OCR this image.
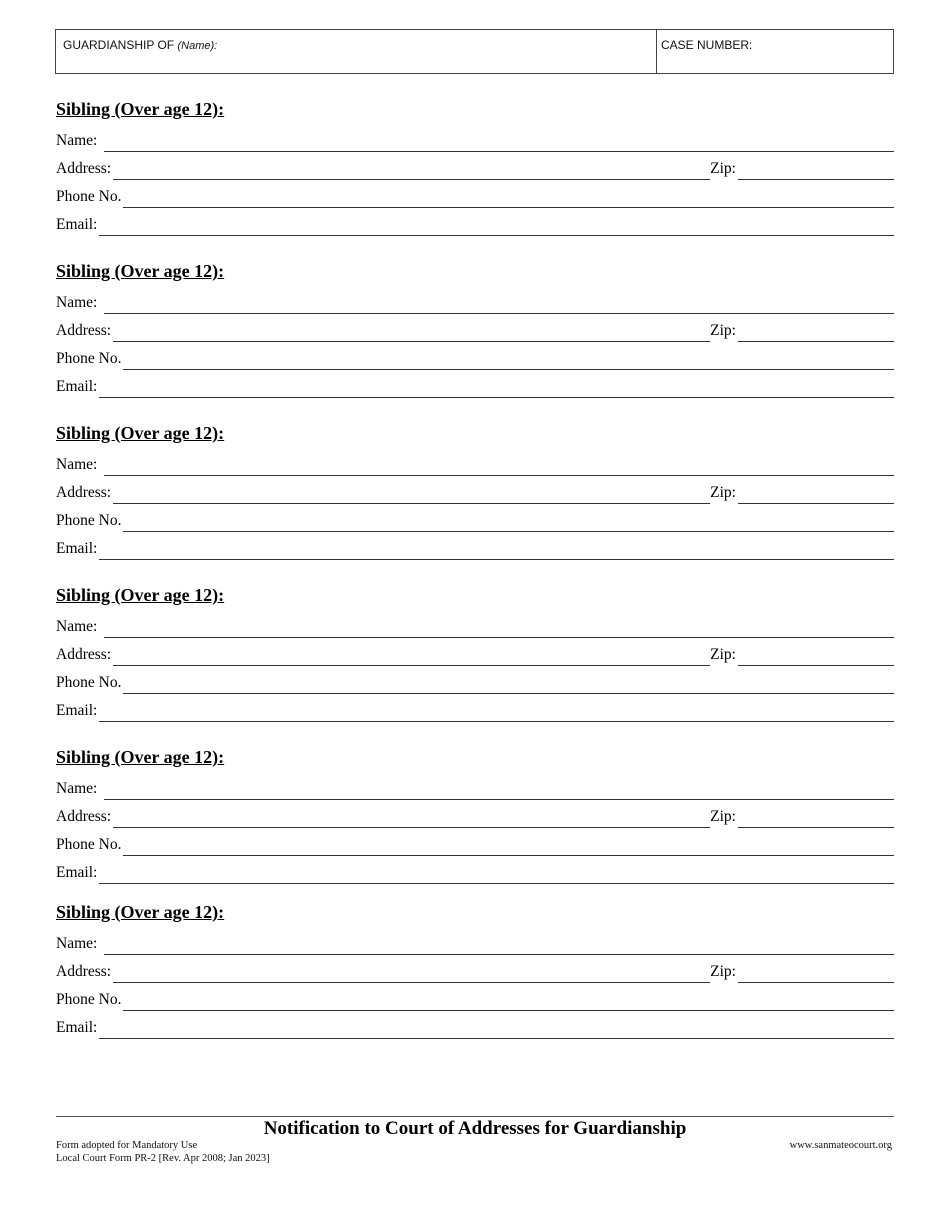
GUARDIANSHIP OF (Name):	CASE NUMBER:
Sibling (Over age 12):
Name:
Address:	Zip:
Phone No.
Email:
Sibling (Over age 12):
Name:
Address:	Zip:
Phone No.
Email:
Sibling (Over age 12):
Name:
Address:	Zip:
Phone No.
Email:
Sibling (Over age 12):
Name:
Address:	Zip:
Phone No.
Email:
Sibling (Over age 12):
Name:
Address:	Zip:
Phone No.
Email:
Sibling (Over age 12):
Name:
Address:	Zip:
Phone No.
Email:
Notification to Court of Addresses for Guardianship
Form adopted for Mandatory Use
Local Court Form PR-2 [Rev. Apr 2008; Jan 2023]
www.sanmateocourt.org
